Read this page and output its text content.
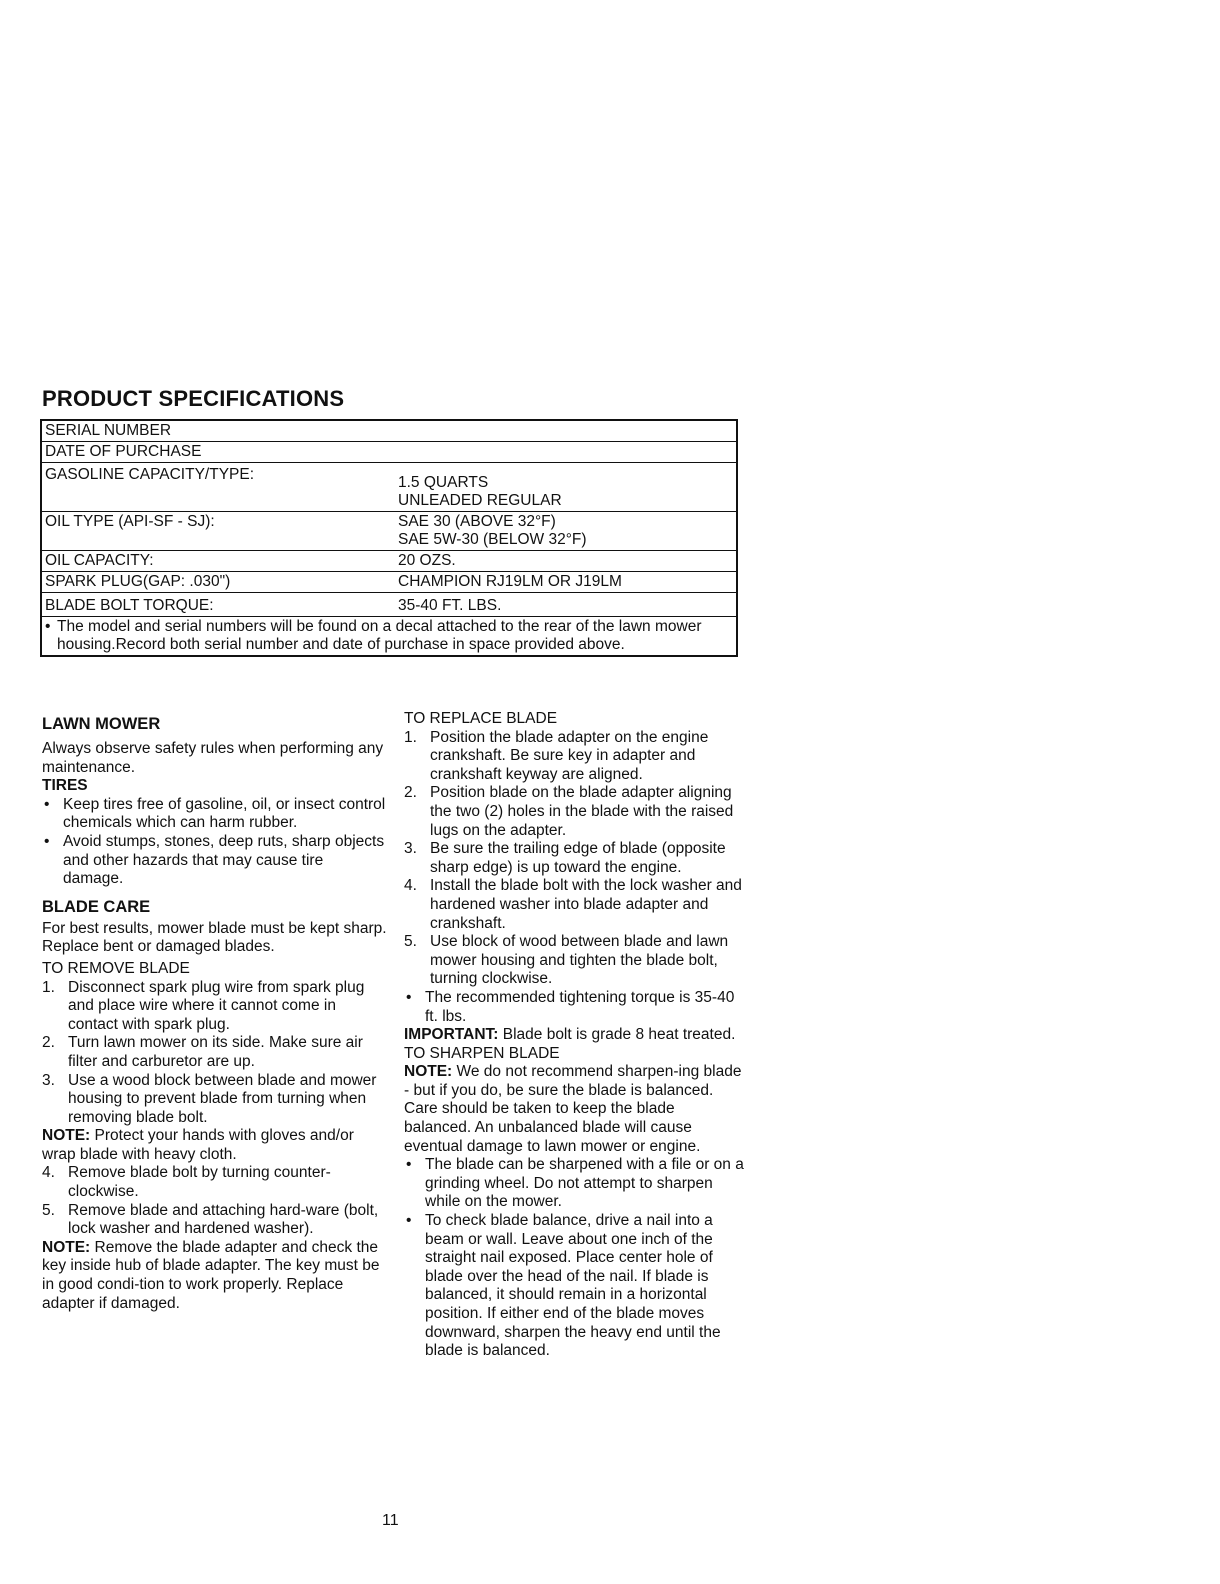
PRODUCT SPECIFICATIONS
SERIAL NUMBER
DATE OF PURCHASE
GASOLINE CAPACITY/TYPE:	1.5 QUARTS
UNLEADED REGULAR
OIL TYPE (API-SF - SJ):	SAE 30 (ABOVE 32°F)
SAE 5W-30 (BELOW 32°F)
OIL CAPACITY:	20 OZS.
SPARK PLUG(GAP: .030")	CHAMPION RJ19LM OR J19LM
BLADE BOLT TORQUE:	35-40 FT. LBS.
• The model and serial numbers will be found on a decal attached to the rear of the lawn mower housing.Record both serial number and date of purchase in space provided above.
LAWN MOWER

Always observe safety rules when performing any maintenance.

TIRES
• Keep tires free of gasoline, oil, or insect control chemicals which can harm rubber.
• Avoid stumps, stones, deep ruts, sharp objects and other hazards that may cause tire damage.
BLADE CARE

For best results, mower blade must be kept sharp. Replace bent or damaged blades.

TO REMOVE BLADE

1. Disconnect spark plug wire from spark plug and place wire where it cannot come in contact with spark plug.
2. Turn lawn mower on its side. Make sure air filter and carburetor are up.
3. Use a wood block between blade and mower housing to prevent blade from turning when removing blade bolt.

NOTE: Protect your hands with gloves and/or wrap blade with heavy cloth.

4. Remove blade bolt by turning counter-clockwise.
5. Remove blade and attaching hard-ware (bolt, lock washer and hardened washer).

NOTE: Remove the blade adapter and check the key inside hub of blade adapter. The key must be in good condi-tion to work properly. Replace adapter if damaged.

TO REPLACE BLADE

1. Position the blade adapter on the engine crankshaft. Be sure key in adapter and crankshaft keyway are aligned.
2. Position blade on the blade adapter aligning the two (2) holes in the blade with the raised lugs on the adapter.
3. Be sure the trailing edge of blade (opposite sharp edge) is up toward the engine.
4. Install the blade bolt with the lock washer and hardened washer into blade adapter and crankshaft.
5. Use block of wood between blade and lawn mower housing and tighten the blade bolt, turning clockwise.
• The recommended tightening torque is 35-40 ft. lbs.

IMPORTANT: Blade bolt is grade 8 heat treated.

TO SHARPEN BLADE

NOTE: We do not recommend sharpen-ing blade - but if you do, be sure the blade is balanced.

Care should be taken to keep the blade balanced. An unbalanced blade will cause eventual damage to lawn mower or engine.

• The blade can be sharpened with a file or on a grinding wheel. Do not attempt to sharpen while on the mower.
• To check blade balance, drive a nail into a beam or wall. Leave about one inch of the straight nail exposed. Place center hole of blade over the head of the nail. If blade is balanced, it should remain in a horizontal position. If either end of the blade moves downward, sharpen the heavy end until the blade is balanced.
11
